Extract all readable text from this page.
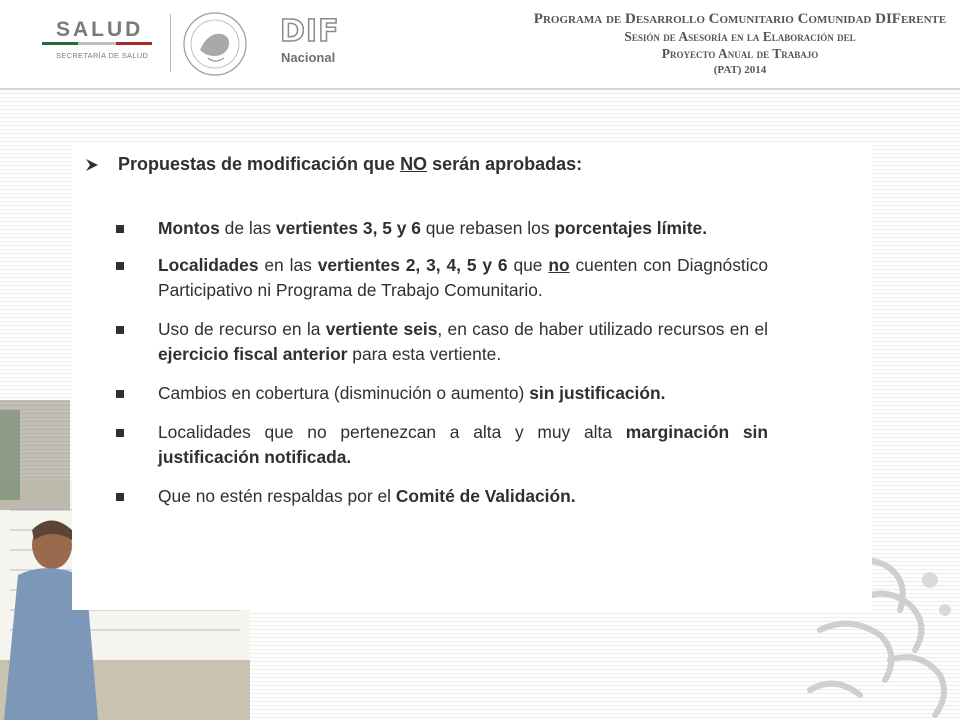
SALUD
SECRETARÍA DE SALUD
DIF
Nacional
Programa de Desarrollo Comunitario Comunidad DIFerente
Sesión de Asesoría en la Elaboración del
Proyecto Anual de Trabajo
(PAT) 2014
Propuestas de modificación que NO serán aprobadas:
Montos de las vertientes 3, 5 y 6 que rebasen los porcentajes límite.
Localidades en las vertientes 2, 3, 4, 5 y 6 que no cuenten con Diagnóstico Participativo ni Programa de Trabajo Comunitario.
Uso de recurso en la vertiente seis, en caso de haber utilizado recursos en el ejercicio fiscal anterior para esta vertiente.
Cambios en cobertura (disminución o aumento) sin justificación.
Localidades que no pertenezcan a alta y muy alta marginación sin justificación notificada.
Que no estén respaldas por el Comité de Validación.
